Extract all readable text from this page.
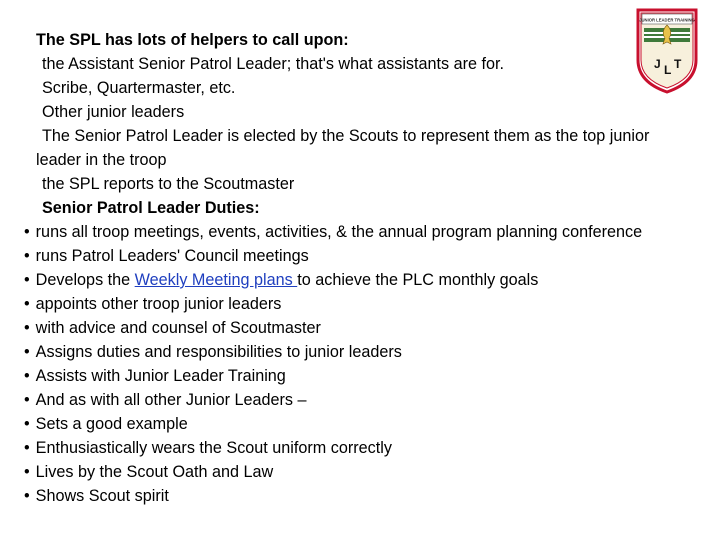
JUNIOR LEADER TRAINING
J L T
The SPL has lots of helpers to call upon:
the Assistant Senior Patrol Leader; that's what assistants are for.
Scribe, Quartermaster, etc.
Other junior leaders
The Senior Patrol Leader is elected by the Scouts to represent them as the top junior leader in the troop
the SPL reports to the Scoutmaster
Senior Patrol Leader Duties:
• runs all troop meetings, events, activities, & the annual program planning conference
• runs Patrol Leaders' Council meetings
• Develops the Weekly Meeting plans to achieve the PLC monthly goals
• appoints other troop junior leaders
• with advice and counsel of Scoutmaster
• Assigns duties and responsibilities to junior leaders
• Assists with Junior Leader Training
• And as with all other Junior Leaders –
• Sets a good example
• Enthusiastically wears the Scout uniform correctly
• Lives by the Scout Oath and Law
• Shows Scout spirit
